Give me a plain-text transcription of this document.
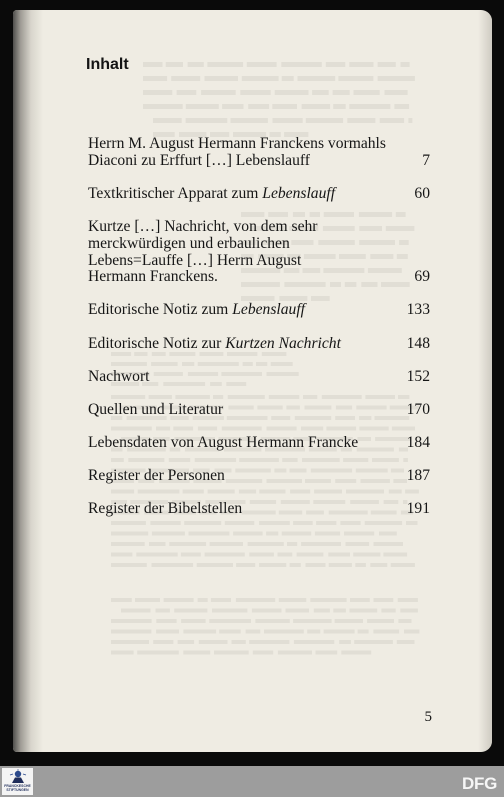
Inhalt
Herrn M. August Hermann Franckens vormahls
Diaconi zu Erffurt […] Lebenslauff	7
Textkritischer Apparat zum Lebenslauff	60
Kurtze […] Nachricht, von dem sehr
merckwürdigen und erbaulichen
Lebens=Lauffe […] Herrn August
Hermann Franckens.	69
Editorische Notiz zum Lebenslauff	133
Editorische Notiz zur Kurtzen Nachricht	148
Nachwort	152
Quellen und Literatur	170
Lebensdaten von August Hermann Francke	184
Register der Personen	187
Register der Bibelstellen	191
5
FRANCKESCHE
STIFTUNGEN	DFG
